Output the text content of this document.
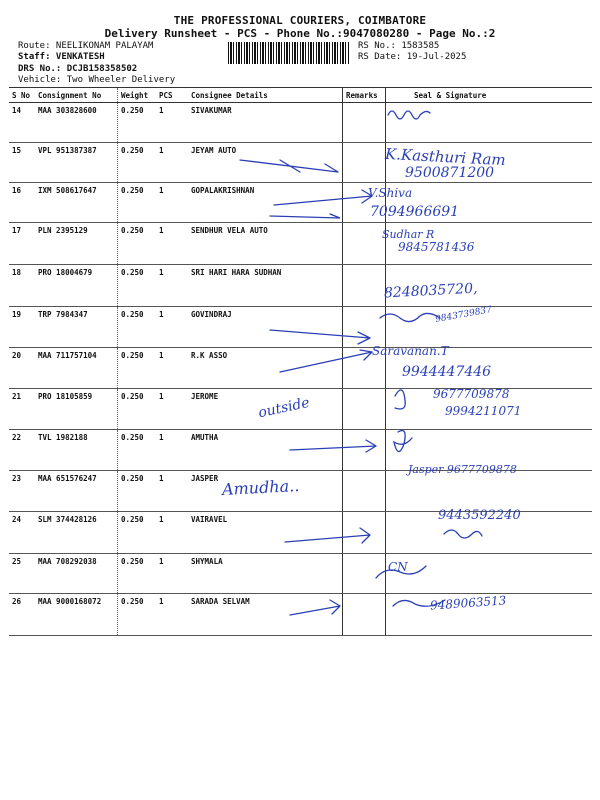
THE PROFESSIONAL COURIERS, COIMBATORE
Delivery Runsheet - PCS - Phone No.:9047080280 - Page No.:2
Route: NEELIKONAM PALAYAM
Staff: VENKATESH
DRS No.: DCJB158358502
Vehicle: Two Wheeler Delivery
RS No.: 1583585
RS Date: 19-Jul-2025
S No	Consignment No	Weight	PCS	Consignee Details	Remarks	Seal & Signature
14	MAA 303828600	0.250	1	SIVAKUMAR		
15	VPL 951387387	0.250	1	JEYAM AUTO		
16	IXM 508617647	0.250	1	GOPALAKRISHNAN		
17	PLN 2395129	0.250	1	SENDHUR VELA AUTO		
18	PRO 18004679	0.250	1	SRI HARI HARA SUDHAN		
19	TRP 7984347	0.250	1	GOVINDRAJ		
20	MAA 711757104	0.250	1	R.K ASSO		
21	PRO 18105859	0.250	1	JEROME		
22	TVL 1982188	0.250	1	AMUTHA		
23	MAA 651576247	0.250	1	JASPER		
24	SLM 374428126	0.250	1	VAIRAVEL		
25	MAA 708292038	0.250	1	SHYMALA		
26	MAA 9000168072	0.250	1	SARADA SELVAM		
K.Kasthuri Ram
9500871200
V.Shiva
7094966691
Sudhar R
9845781436
8248035720,
9843739837
Saravanan.T
9944447446
9677709878
9994211071
outside
Amudha..
Jasper 9677709878
9443592240
CN
9489063513
